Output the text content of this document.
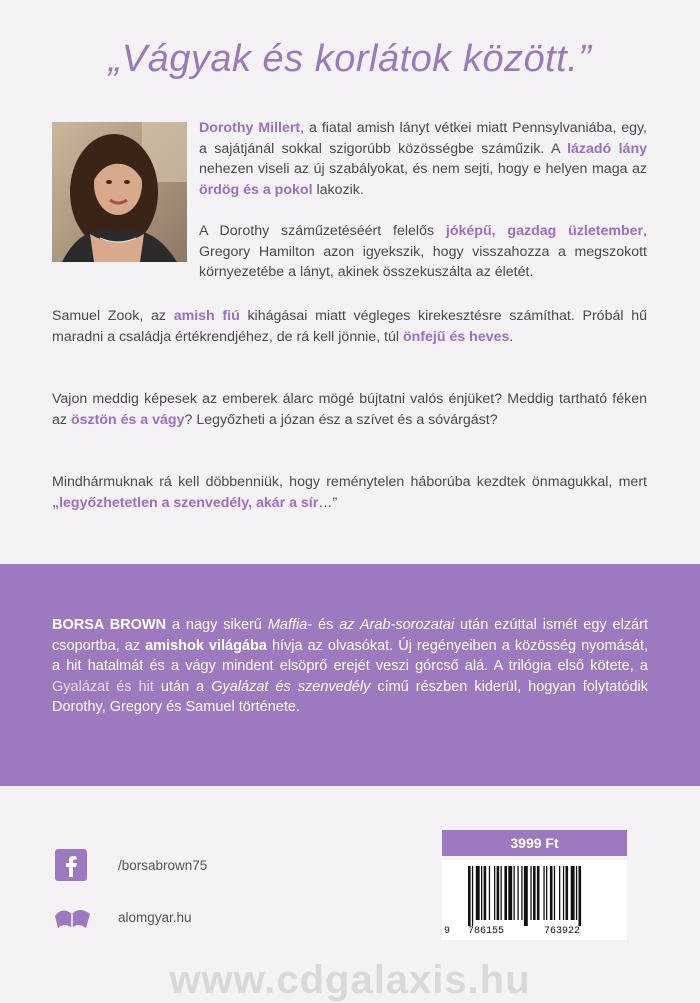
„Vágyak és korlátok között.”
Dorothy Millert, a fiatal amish lányt vétkei miatt Pennsylvaniába, egy, a sajátjánál sokkal szigorúbb közösségbe száműzik. A lázadó lány nehezen viseli az új szabályokat, és nem sejti, hogy e helyen maga az ördög és a pokol lakozik.
A Dorothy száműzetéséért felelős jóképű, gazdag üzletember, Gregory Hamilton azon igyekszik, hogy visszahozza a megszokott környezetébe a lányt, akinek összekuszálta az életét.
Samuel Zook, az amish fiú kihágásai miatt végleges kirekesztésre számíthat. Próbál hű maradni a családja értékrendjéhez, de rá kell jönnie, túl önfejű és heves.
Vajon meddig képesek az emberek álarc mögé bújtatni valós énjüket? Meddig tartható féken az ösztön és a vágy? Legyőzheti a józan ész a szívet és a sóvárgást?
Mindhármuknak rá kell döbbenniük, hogy reménytelen háborúba kezdtek önmagukkal, mert „legyőzhetetlen a szenvedély, akár a sír…”
BORSA BROWN a nagy sikerű Maffia- és az Arab-sorozatai után ezúttal ismét egy elzárt csoportba, az amishok világába hívja az olvasókat. Új regényeiben a közösség nyomását, a hit hatalmát és a vágy mindent elsöprő erejét veszi górcső alá. A trilógia első kötete, a Gyalázat és hit után a Gyalázat és szenvedély című részben kiderül, hogyan folytatódik Dorothy, Gregory és Samuel története.
/borsabrown75
alomgyar.hu
3999 Ft
9 786155	763922
www.cdgalaxis.hu
